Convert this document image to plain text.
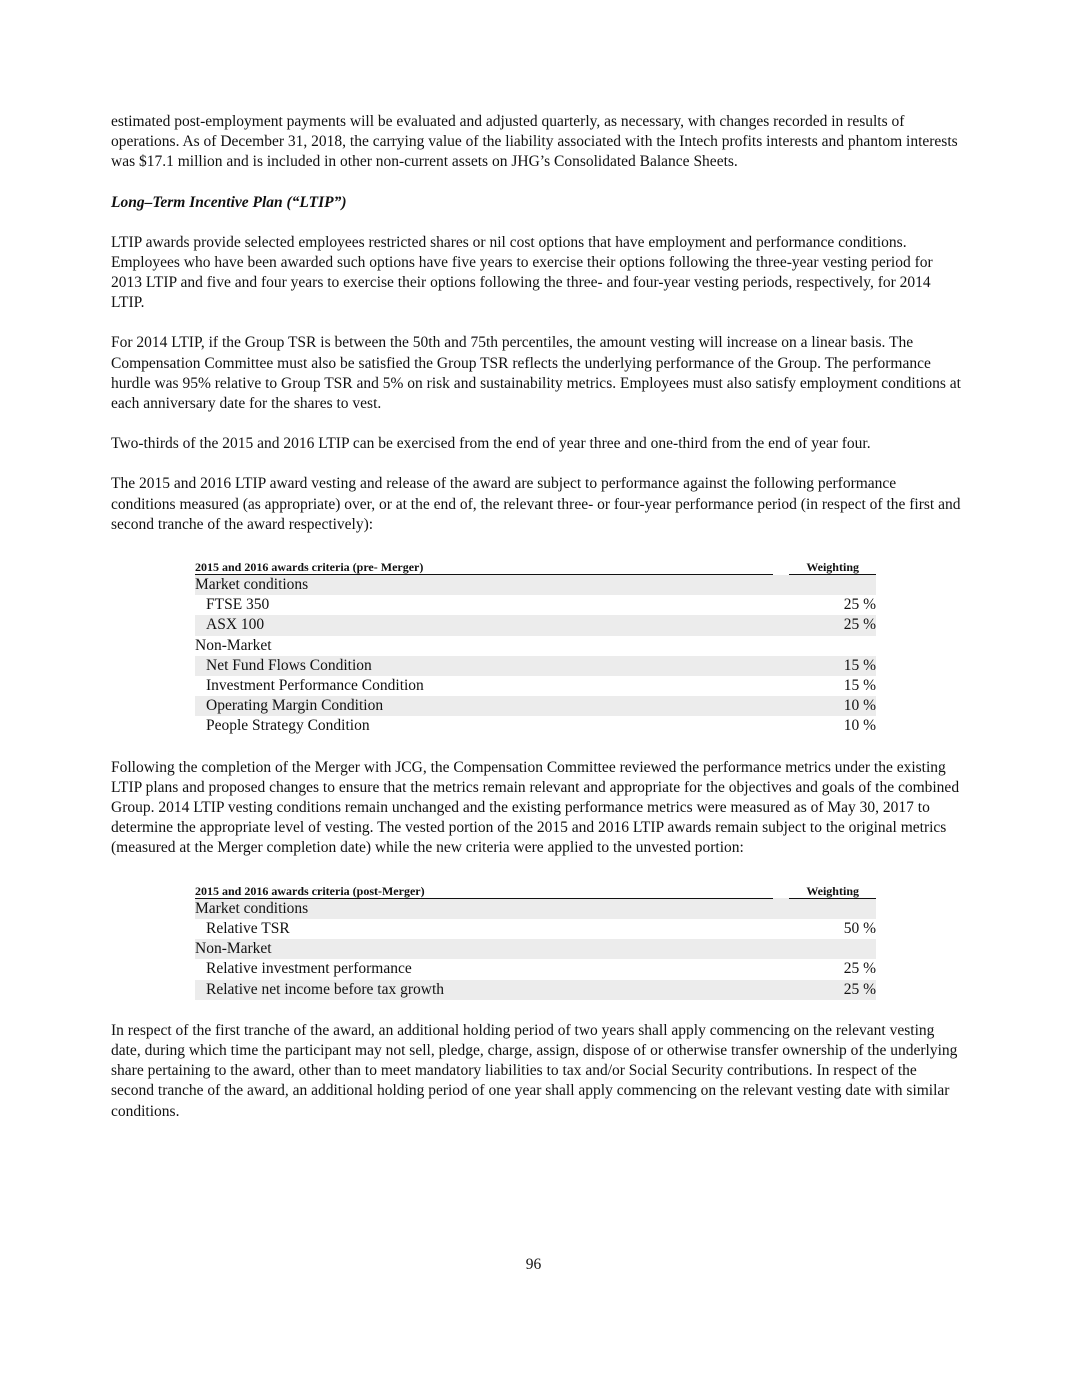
estimated post-employment payments will be evaluated and adjusted quarterly, as necessary, with changes recorded in results of operations. As of December 31, 2018, the carrying value of the liability associated with the Intech profits interests and phantom interests was $17.1 million and is included in other non-current assets on JHG’s Consolidated Balance Sheets.

Long–Term Incentive Plan (“LTIP”)

LTIP awards provide selected employees restricted shares or nil cost options that have employment and performance conditions. Employees who have been awarded such options have five years to exercise their options following the three-year vesting period for 2013 LTIP and five and four years to exercise their options following the three- and four-year vesting periods, respectively, for 2014 LTIP.

For 2014 LTIP, if the Group TSR is between the 50th and 75th percentiles, the amount vesting will increase on a linear basis. The Compensation Committee must also be satisfied the Group TSR reflects the underlying performance of the Group. The performance hurdle was 95% relative to Group TSR and 5% on risk and sustainability metrics. Employees must also satisfy employment conditions at each anniversary date for the shares to vest.

Two-thirds of the 2015 and 2016 LTIP can be exercised from the end of year three and one-third from the end of year four.

The 2015 and 2016 LTIP award vesting and release of the award are subject to performance against the following performance conditions measured (as appropriate) over, or at the end of, the relevant three- or four-year performance period (in respect of the first and second tranche of the award respectively):

2015 and 2016 awards criteria (pre- Merger)		Weighting
Market conditions		
FTSE 350		25 %
ASX 100		25 %
Non-Market		
Net Fund Flows Condition		15 %
Investment Performance Condition		15 %
Operating Margin Condition		10 %
People Strategy Condition		10 %

Following the completion of the Merger with JCG, the Compensation Committee reviewed the performance metrics under the existing LTIP plans and proposed changes to ensure that the metrics remain relevant and appropriate for the objectives and goals of the combined Group. 2014 LTIP vesting conditions remain unchanged and the existing performance metrics were measured as of May 30, 2017 to determine the appropriate level of vesting. The vested portion of the 2015 and 2016 LTIP awards remain subject to the original metrics (measured at the Merger completion date) while the new criteria were applied to the unvested portion:

2015 and 2016 awards criteria (post-Merger)		Weighting
Market conditions		
Relative TSR		50 %
Non-Market		
Relative investment performance		25 %
Relative net income before tax growth		25 %

In respect of the first tranche of the award, an additional holding period of two years shall apply commencing on the relevant vesting date, during which time the participant may not sell, pledge, charge, assign, dispose of or otherwise transfer ownership of the underlying share pertaining to the award, other than to meet mandatory liabilities to tax and/or Social Security contributions. In respect of the second tranche of the award, an additional holding period of one year shall apply commencing on the relevant vesting date with similar conditions.

96
